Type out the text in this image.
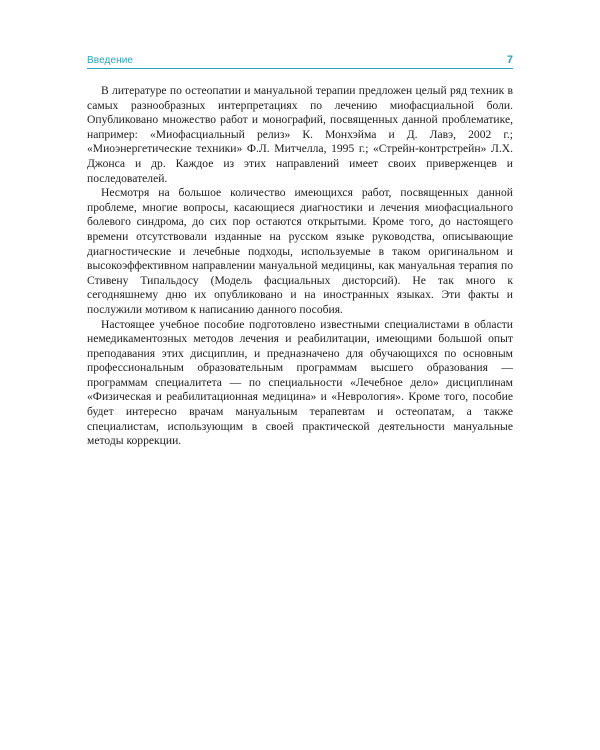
Введение	7

В литературе по остеопатии и мануальной терапии предложен целый ряд техник в самых разнообразных интерпретациях по лечению миофасциальной боли. Опубликовано множество работ и монографий, посвященных данной проблематике, например: «Миофасциальный релиз» К. Монхэйма и Д. Лавэ, 2002 г.; «Миоэнергетические техники» Ф.Л. Митчелла, 1995 г.; «Стрейн-контрстрейн» Л.Х. Джонса и др. Каждое из этих направлений имеет своих приверженцев и последователей.

Несмотря на большое количество имеющихся работ, посвященных данной проблеме, многие вопросы, касающиеся диагностики и лечения миофасциального болевого синдрома, до сих пор остаются открытыми. Кроме того, до настоящего времени отсутствовали изданные на русском языке руководства, описывающие диагностические и лечебные подходы, используемые в таком оригинальном и высокоэффективном направлении мануальной медицины, как мануальная терапия по Стивену Типальдосу (Модель фасциальных дисторсий). Не так много к сегодняшнему дню их опубликовано и на иностранных языках. Эти факты и послужили мотивом к написанию данного пособия.

Настоящее учебное пособие подготовлено известными специалистами в области немедикаментозных методов лечения и реабилитации, имеющими большой опыт преподавания этих дисциплин, и предназначено для обучающихся по основным профессиональным образовательным программам высшего образования — программам специалитета — по специальности «Лечебное дело» дисциплинам «Физическая и реабилитационная медицина» и «Неврология». Кроме того, пособие будет интересно врачам мануальным терапевтам и остеопатам, а также специалистам, использующим в своей практической деятельности мануальные методы коррекции.
